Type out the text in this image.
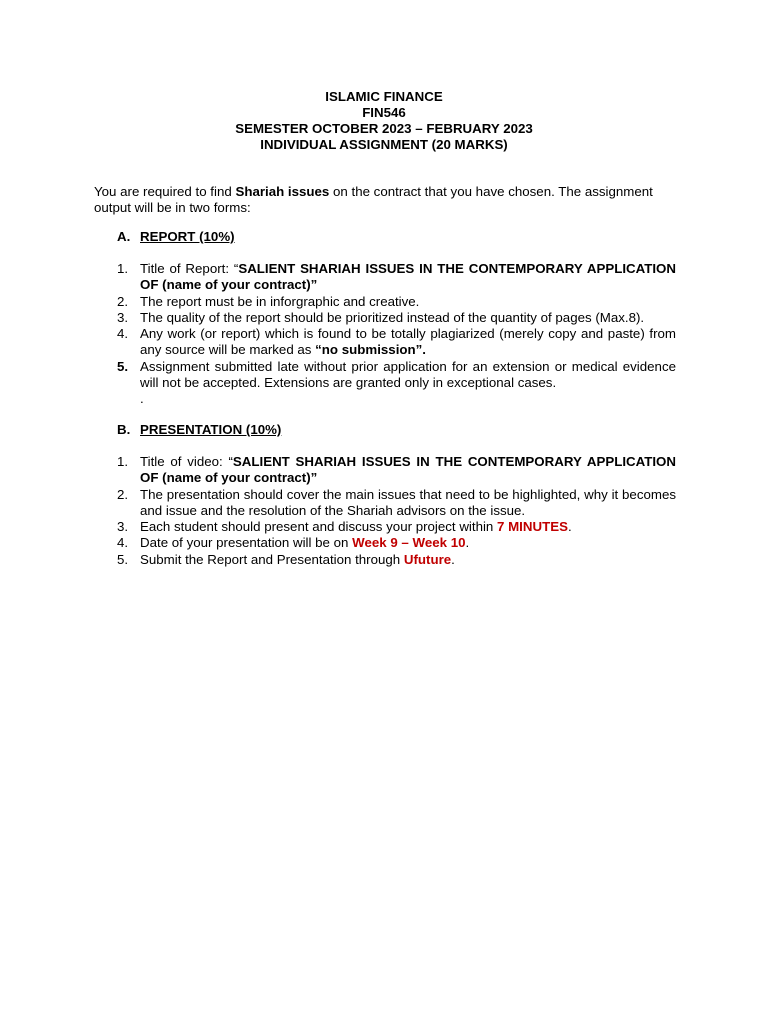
ISLAMIC FINANCE
FIN546
SEMESTER OCTOBER 2023 – FEBRUARY 2023
INDIVIDUAL ASSIGNMENT (20 MARKS)
You are required to find Shariah issues on the contract that you have chosen. The assignment output will be in two forms:
A. REPORT (10%)
1. Title of Report: “SALIENT SHARIAH ISSUES IN THE CONTEMPORARY APPLICATION OF (name of your contract)”
2. The report must be in inforgraphic and creative.
3. The quality of the report should be prioritized instead of the quantity of pages (Max.8).
4. Any work (or report) which is found to be totally plagiarized (merely copy and paste) from any source will be marked as “no submission”.
5. Assignment submitted late without prior application for an extension or medical evidence will not be accepted. Extensions are granted only in exceptional cases.
.
B. PRESENTATION (10%)
1. Title of video: “SALIENT SHARIAH ISSUES IN THE CONTEMPORARY APPLICATION OF (name of your contract)”
2. The presentation should cover the main issues that need to be highlighted, why it becomes and issue and the resolution of the Shariah advisors on the issue.
3. Each student should present and discuss your project within 7 MINUTES.
4. Date of your presentation will be on Week 9 – Week 10.
5. Submit the Report and Presentation through Ufuture.
